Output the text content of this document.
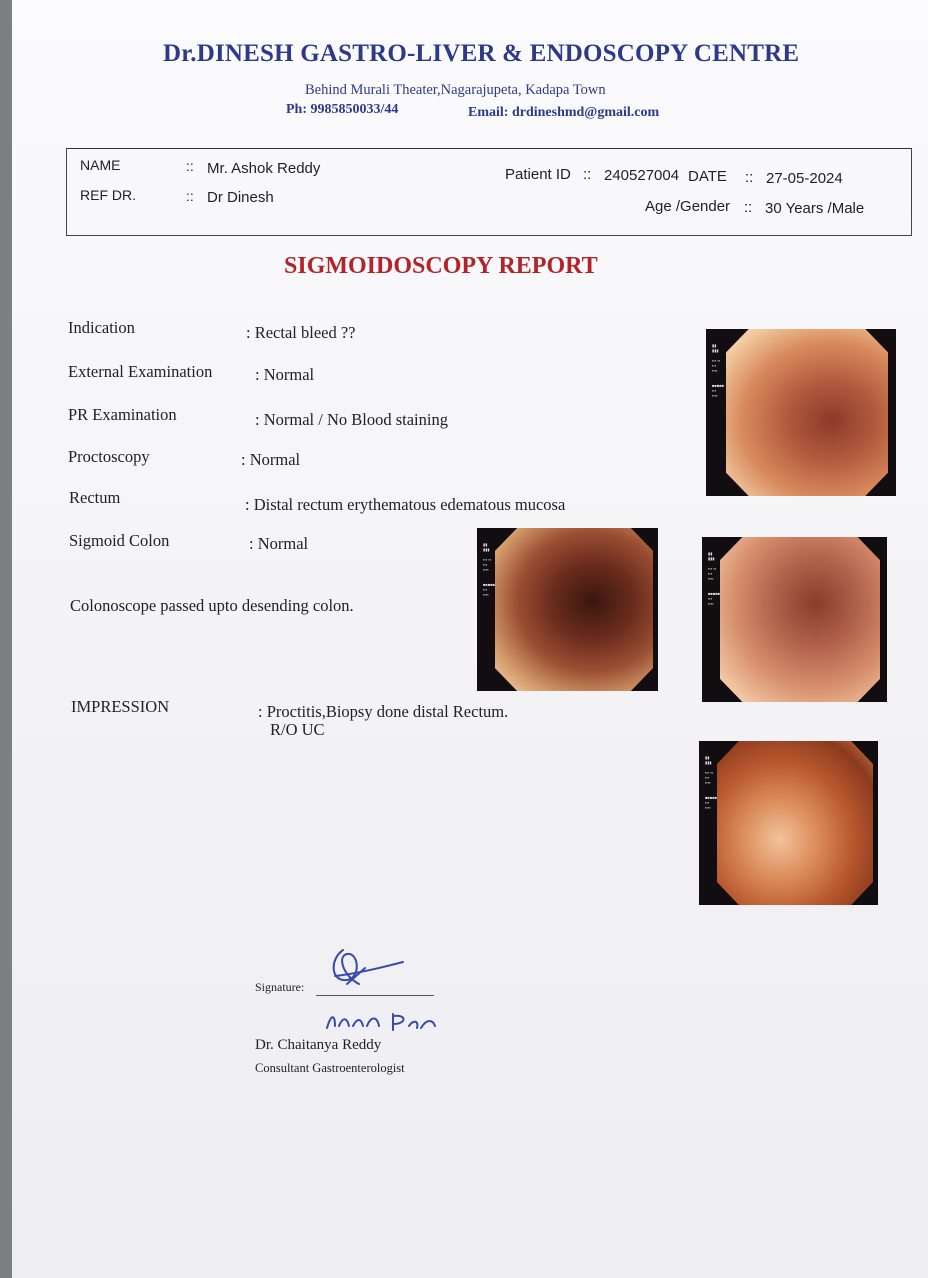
Dr.DINESH GASTRO-LIVER & ENDOSCOPY CENTRE
Behind Murali Theater,Nagarajupeta, Kadapa Town
Ph: 9985850033/44	Email: drdineshmd@gmail.com
NAME	:: Mr. Ashok Reddy
REF DR.	:: Dr Dinesh
Patient ID :: 240527004 DATE :: 27-05-2024
Age /Gender :: 30 Years /Male
SIGMOIDOSCOPY REPORT
Indication	: Rectal bleed ??
External Examination	: Normal
PR Examination	: Normal / No Blood staining
Proctoscopy	: Normal
Rectum	: Distal rectum erythematous edematous mucosa
Sigmoid Colon	: Normal
Colonoscope passed upto desending colon.
IMPRESSION	: Proctitis,Biopsy done distal Rectum.
R/O UC
▮▮
▮▮▮

▪▪▪ ▪▪
▪▪▪
▪▪▪▪

■■■■■
▪▪▪
▪▪▪▪
▮▮
▮▮▮

▪▪▪ ▪▪
▪▪▪
▪▪▪▪

■■■■■
▪▪▪
▪▪▪▪
▮▮
▮▮▮

▪▪▪ ▪▪
▪▪▪
▪▪▪▪

■■■■■
▪▪▪
▪▪▪▪
▮▮
▮▮▮

▪▪▪ ▪▪
▪▪▪
▪▪▪▪

■■■■■
▪▪▪
▪▪▪▪
Signature:
Dr. Chaitanya Reddy
Consultant Gastroenterologist
